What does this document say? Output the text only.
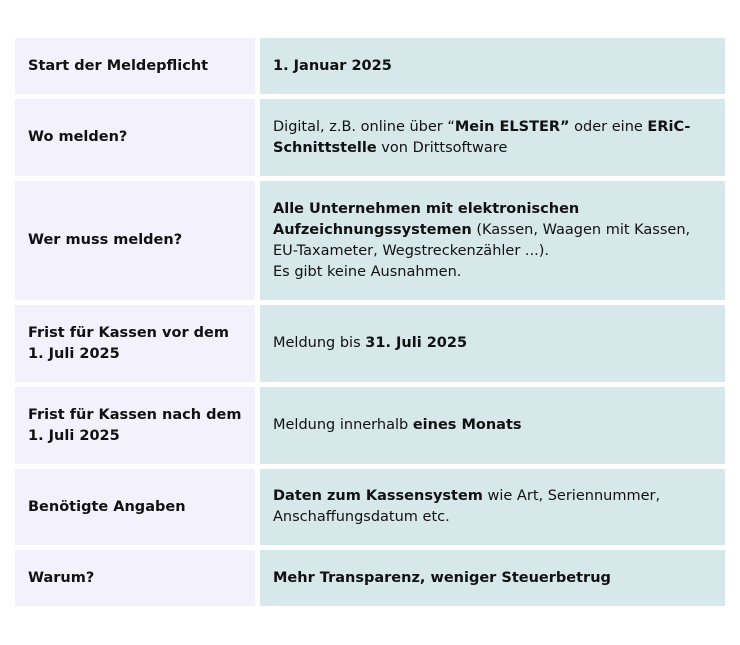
Start der Meldepflicht	1. Januar 2025
Wo melden?
Digital, z.B. online über “Mein ELSTER” oder eine ERiC-Schnittstelle von Drittsoftware
Wer muss melden?
Alle Unternehmen mit elektronischen Aufzeichnungssystemen (Kassen, Waagen mit Kassen, EU-Taxameter, Wegstreckenzähler ...).
Es gibt keine Ausnahmen.
Frist für Kassen vor dem 1. Juli 2025
Meldung bis 31. Juli 2025
Frist für Kassen nach dem 1. Juli 2025
Meldung innerhalb eines Monats
Benötigte Angaben
Daten zum Kassensystem wie Art, Seriennummer, Anschaffungsdatum etc.
Warum?	Mehr Transparenz, weniger Steuerbetrug
